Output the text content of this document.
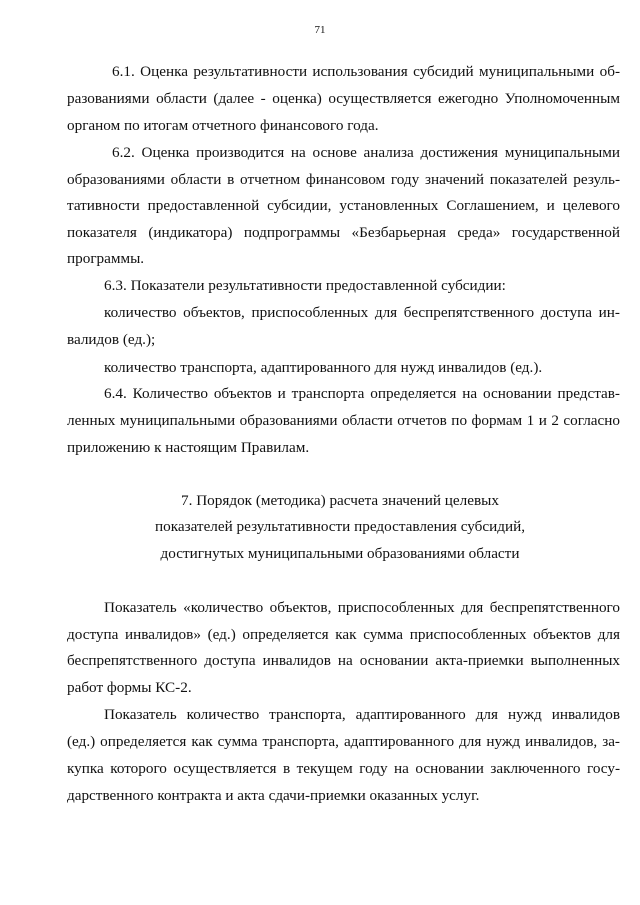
71

6.1. Оценка результативности использования субсидий муниципальными об-

разованиями области (далее - оценка) осуществляется ежегодно Уполномоченным

органом по итогам отчетного финансового года.

6.2. Оценка производится на основе анализа достижения муниципальными

образованиями области в отчетном финансовом году значений показателей резуль-

тативности предоставленной субсидии, установленных Соглашением, и целевого

показателя (индикатора) подпрограммы «Безбарьерная среда» государственной

программы.

6.3. Показатели результативности предоставленной субсидии:

количество объектов, приспособленных для беспрепятственного доступа ин-

валидов (ед.);

количество транспорта, адаптированного для нужд инвалидов (ед.).

6.4. Количество объектов и транспорта определяется на основании представ-

ленных муниципальными образованиями области отчетов по формам 1 и 2 согласно

приложению к настоящим Правилам.

7. Порядок (методика) расчета значений целевых

показателей результативности предоставления субсидий,

достигнутых муниципальными образованиями области

Показатель «количество объектов, приспособленных для беспрепятственного

доступа инвалидов» (ед.) определяется как сумма приспособленных объектов для

беспрепятственного доступа инвалидов на основании акта-приемки выполненных

работ формы КС-2.

Показатель количество транспорта, адаптированного для нужд инвалидов

(ед.) определяется как сумма транспорта, адаптированного для нужд инвалидов, за-

купка которого осуществляется в текущем году на основании заключенного госу-

дарственного контракта и акта сдачи-приемки оказанных услуг.
